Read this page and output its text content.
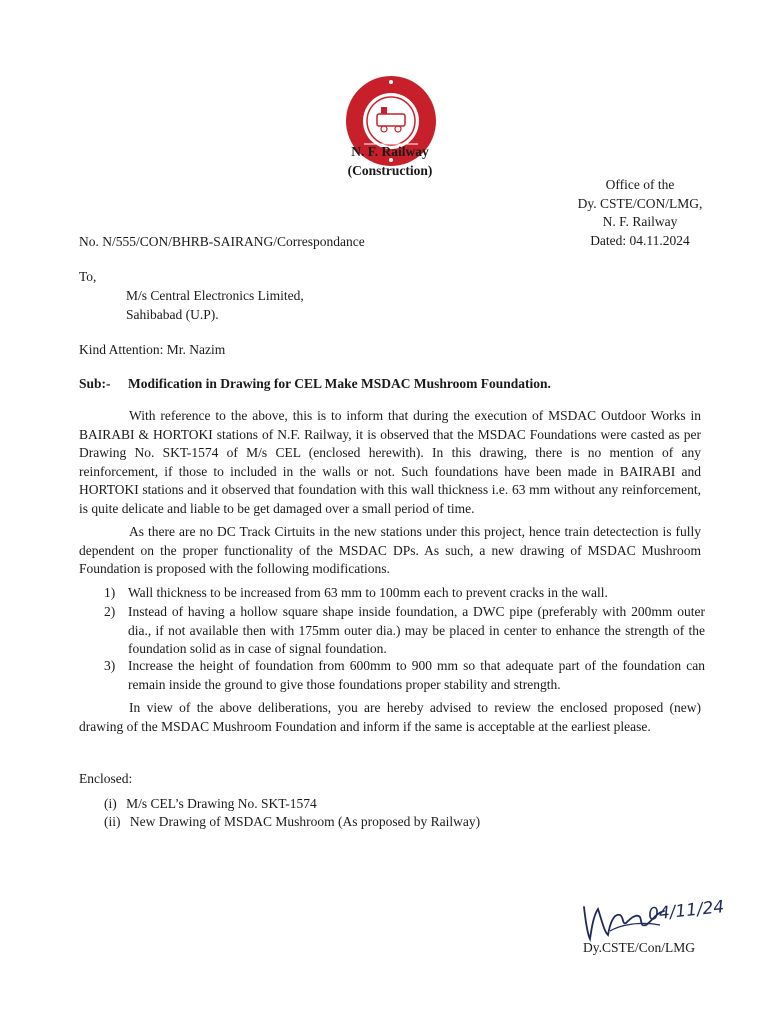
N. F. Railway
(Construction)
Office of the
Dy. CSTE/CON/LMG,
N. F. Railway
Dated: 04.11.2024
No. N/555/CON/BHRB-SAIRANG/Correspondance
To,
M/s Central Electronics Limited,
Sahibabad (U.P).
Kind Attention: Mr. Nazim
Sub:- Modification in Drawing for CEL Make MSDAC Mushroom Foundation.
With reference to the above, this is to inform that during the execution of MSDAC Outdoor Works in BAIRABI & HORTOKI stations of N.F. Railway, it is observed that the MSDAC Foundations were casted as per Drawing No. SKT-1574 of M/s CEL (enclosed herewith). In this drawing, there is no mention of any reinforcement, if those to included in the walls or not. Such foundations have been made in BAIRABI and HORTOKI stations and it observed that foundation with this wall thickness i.e. 63 mm without any reinforcement, is quite delicate and liable to be get damaged over a small period of time.
As there are no DC Track Cirtuits in the new stations under this project, hence train detectection is fully dependent on the proper functionality of the MSDAC DPs. As such, a new drawing of MSDAC Mushroom Foundation is proposed with the following modifications.
1) Wall thickness to be increased from 63 mm to 100mm each to prevent cracks in the wall.
2) Instead of having a hollow square shape inside foundation, a DWC pipe (preferably with 200mm outer dia., if not available then with 175mm outer dia.) may be placed in center to enhance the strength of the foundation solid as in case of signal foundation.
3) Increase the height of foundation from 600mm to 900 mm so that adequate part of the foundation can remain inside the ground to give those foundations proper stability and strength.
In view of the above deliberations, you are hereby advised to review the enclosed proposed (new) drawing of the MSDAC Mushroom Foundation and inform if the same is acceptable at the earliest please.
Enclosed:
(i) M/s CEL’s Drawing No. SKT-1574
(ii) New Drawing of MSDAC Mushroom (As proposed by Railway)
04/11/24
Dy.CSTE/Con/LMG
